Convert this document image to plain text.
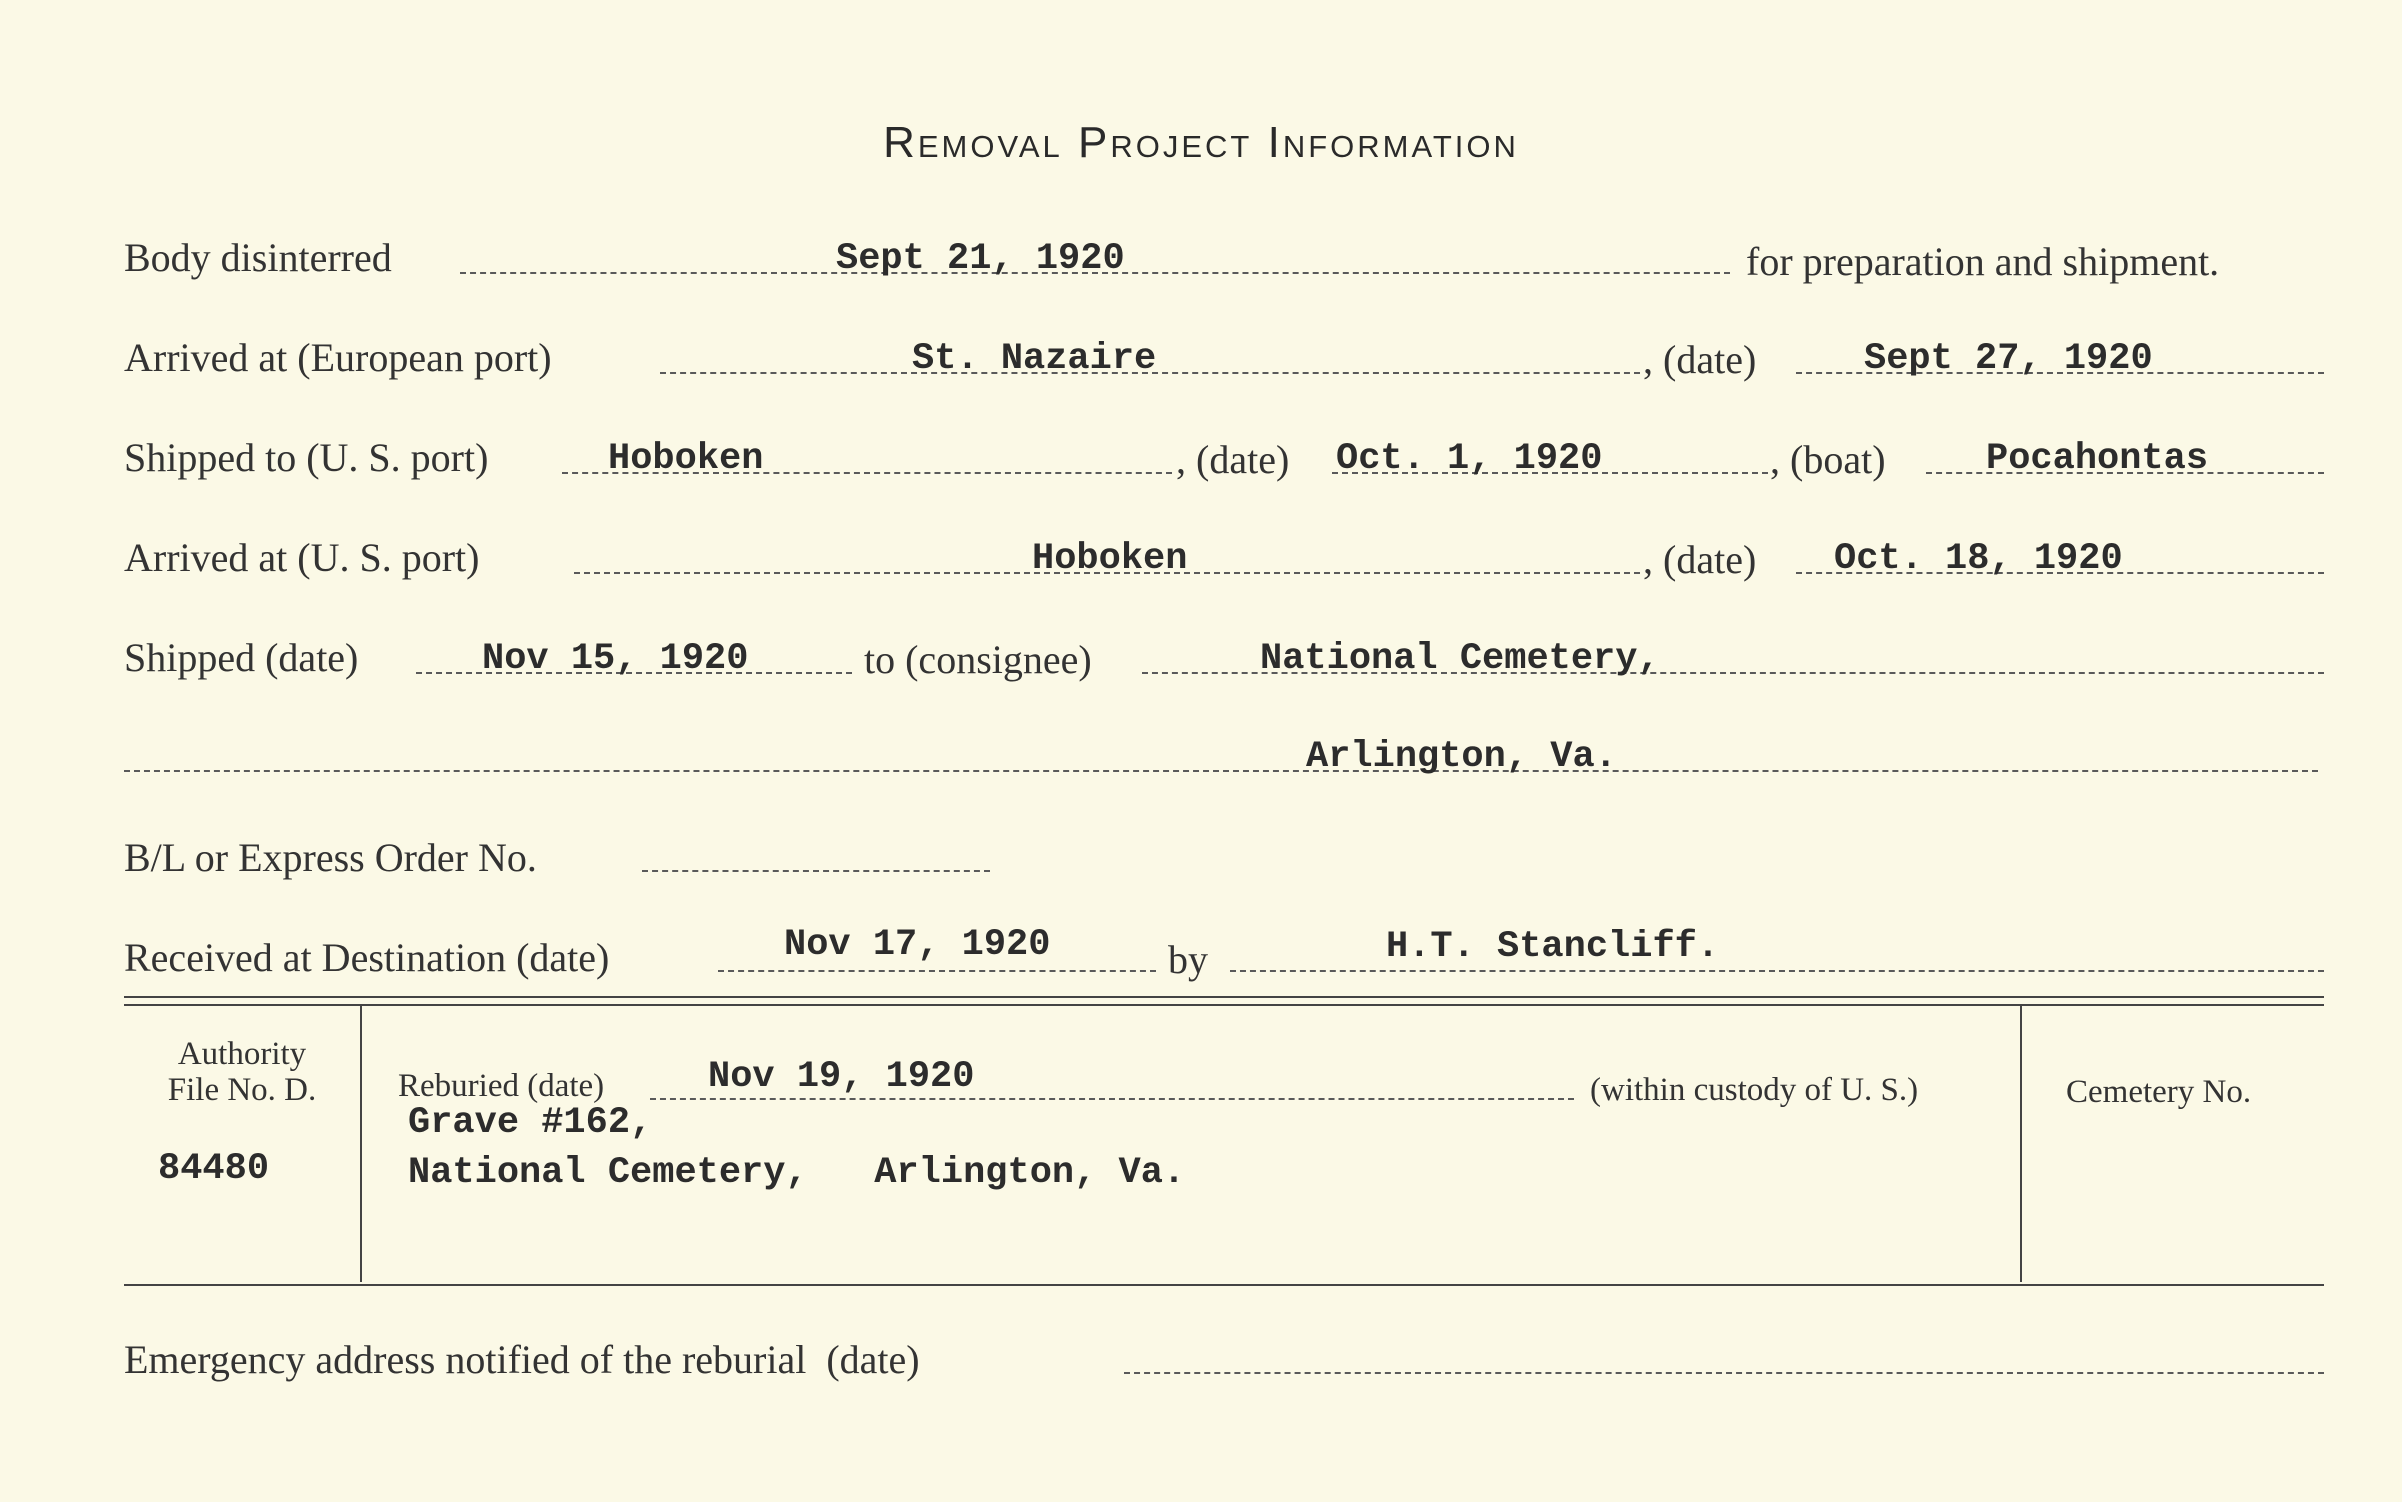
Removal Project Information
Body disinterred	Sept 21, 1920	for preparation and shipment.
Arrived at (European port)	St. Nazaire	, (date)	Sept 27, 1920
Shipped to (U. S. port)	Hoboken	, (date) Oct. 1, 1920	, (boat)	Pocahontas
Arrived at (U. S. port)	Hoboken	, (date) Oct. 18, 1920
Shipped (date)	Nov 15, 1920	to (consignee)	National Cemetery,
Arlington, Va.
B/L or Express Order No.
Received at Destination (date)	Nov 17, 1920	by	H.T. Stancliff.
Authority
File No. D.
84480
Reburied (date)	Nov 19, 1920	(within custody of U. S.)
Grave #162,
National Cemetery,   Arlington, Va.
Cemetery No.
Emergency address notified of the reburial  (date)
